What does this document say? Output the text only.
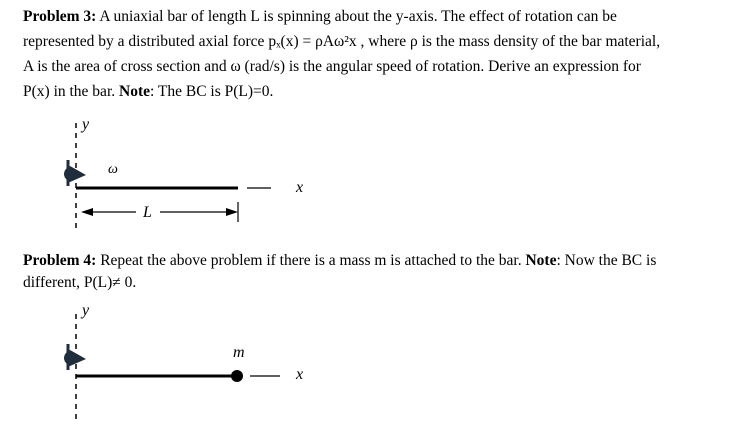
Problem 3: A uniaxial bar of length L is spinning about the y-axis. The effect of rotation can be
represented by a distributed axial force pₓ(x) = ρAω²x , where ρ is the mass density of the bar material,
A is the area of cross section and ω (rad/s) is the angular speed of rotation. Derive an expression for
P(x) in the bar. Note: The BC is P(L)=0.
y
ω
x
L
Problem 4: Repeat the above problem if there is a mass m is attached to the bar. Note: Now the BC is
different, P(L)≠ 0.
y
m
x
